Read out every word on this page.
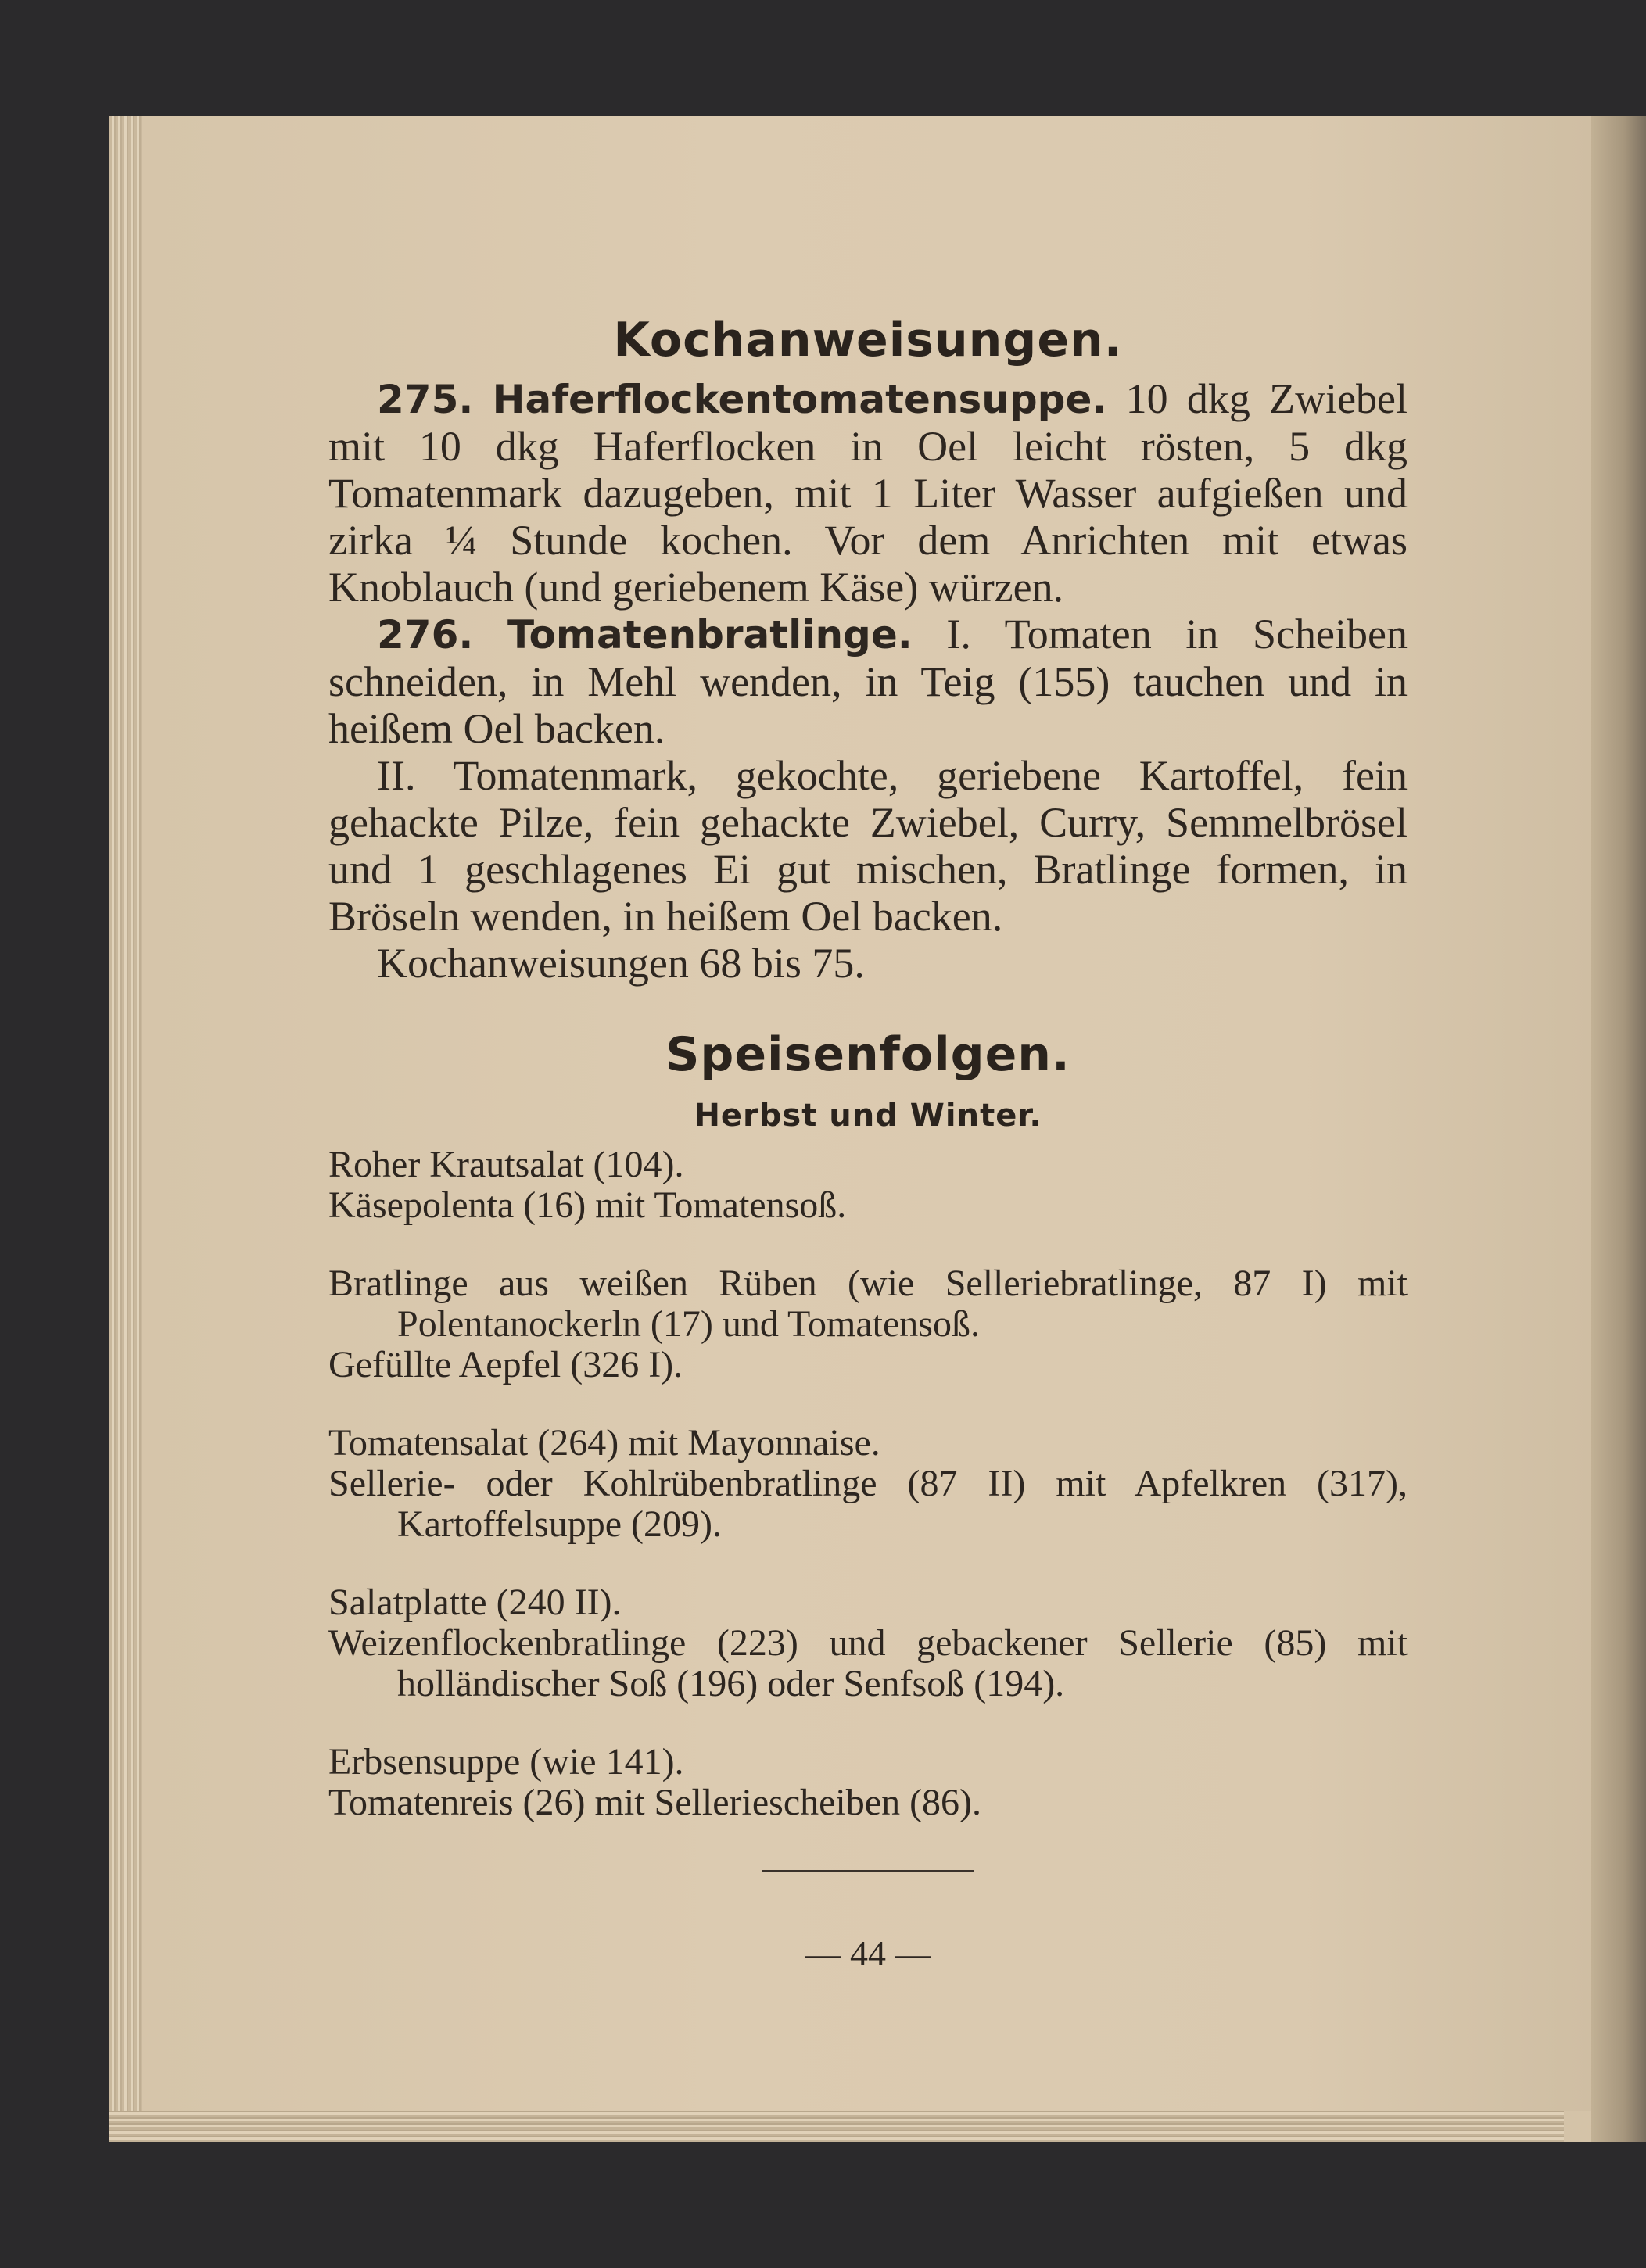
Kochanweisungen.

275. Haferflockentomatensuppe. 10 dkg Zwiebel mit 10 dkg Haferflocken in Oel leicht rösten, 5 dkg Tomatenmark dazugeben, mit 1 Liter Wasser aufgießen und zirka ¼ Stunde kochen. Vor dem Anrichten mit etwas Knoblauch (und geriebenem Käse) würzen.

276. Tomatenbratlinge. I. Tomaten in Scheiben schneiden, in Mehl wenden, in Teig (155) tauchen und in heißem Oel backen.

II. Tomatenmark, gekochte, geriebene Kartoffel, fein gehackte Pilze, fein gehackte Zwiebel, Curry, Semmelbrösel und 1 geschlagenes Ei gut mischen, Bratlinge formen, in Bröseln wenden, in heißem Oel backen.

Kochanweisungen 68 bis 75.

Speisenfolgen.
Herbst und Winter.

Roher Krautsalat (104).

Käsepolenta (16) mit Tomatensoß.

Bratlinge aus weißen Rüben (wie Selleriebratlinge, 87 I) mit Polentanockerln (17) und Tomatensoß.

Gefüllte Aepfel (326 I).

Tomatensalat (264) mit Mayonnaise.

Sellerie- oder Kohlrübenbratlinge (87 II) mit Apfelkren (317), Kartoffelsuppe (209).

Salatplatte (240 II).

Weizenflockenbratlinge (223) und gebackener Sellerie (85) mit holländischer Soß (196) oder Senfsoß (194).

Erbsensuppe (wie 141).

Tomatenreis (26) mit Selleriescheiben (86).

— 44 —
